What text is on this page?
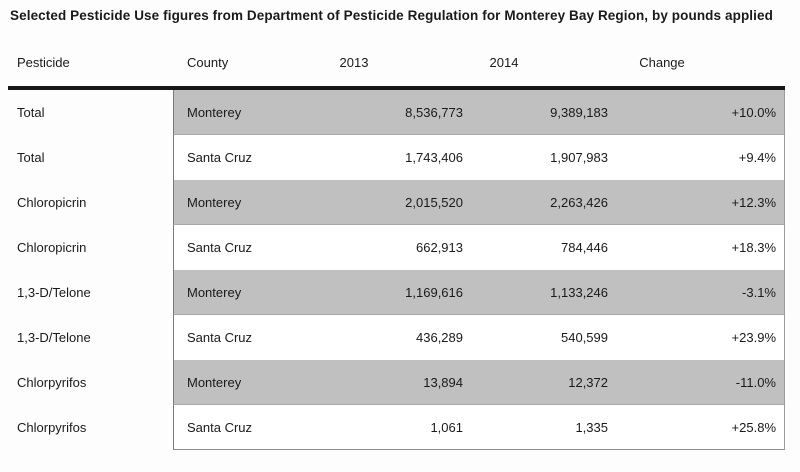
Selected Pesticide Use figures from Department of Pesticide Regulation for Monterey Bay Region, by pounds applied
Pesticide	County	2013	2014	Change
Total	Monterey	8,536,773	9,389,183	+10.0%
Total	Santa Cruz	1,743,406	1,907,983	+9.4%
Chloropicrin	Monterey	2,015,520	2,263,426	+12.3%
Chloropicrin	Santa Cruz	662,913	784,446	+18.3%
1,3-D/Telone	Monterey	1,169,616	1,133,246	-3.1%
1,3-D/Telone	Santa Cruz	436,289	540,599	+23.9%
Chlorpyrifos	Monterey	13,894	12,372	-11.0%
Chlorpyrifos	Santa Cruz	1,061	1,335	+25.8%
